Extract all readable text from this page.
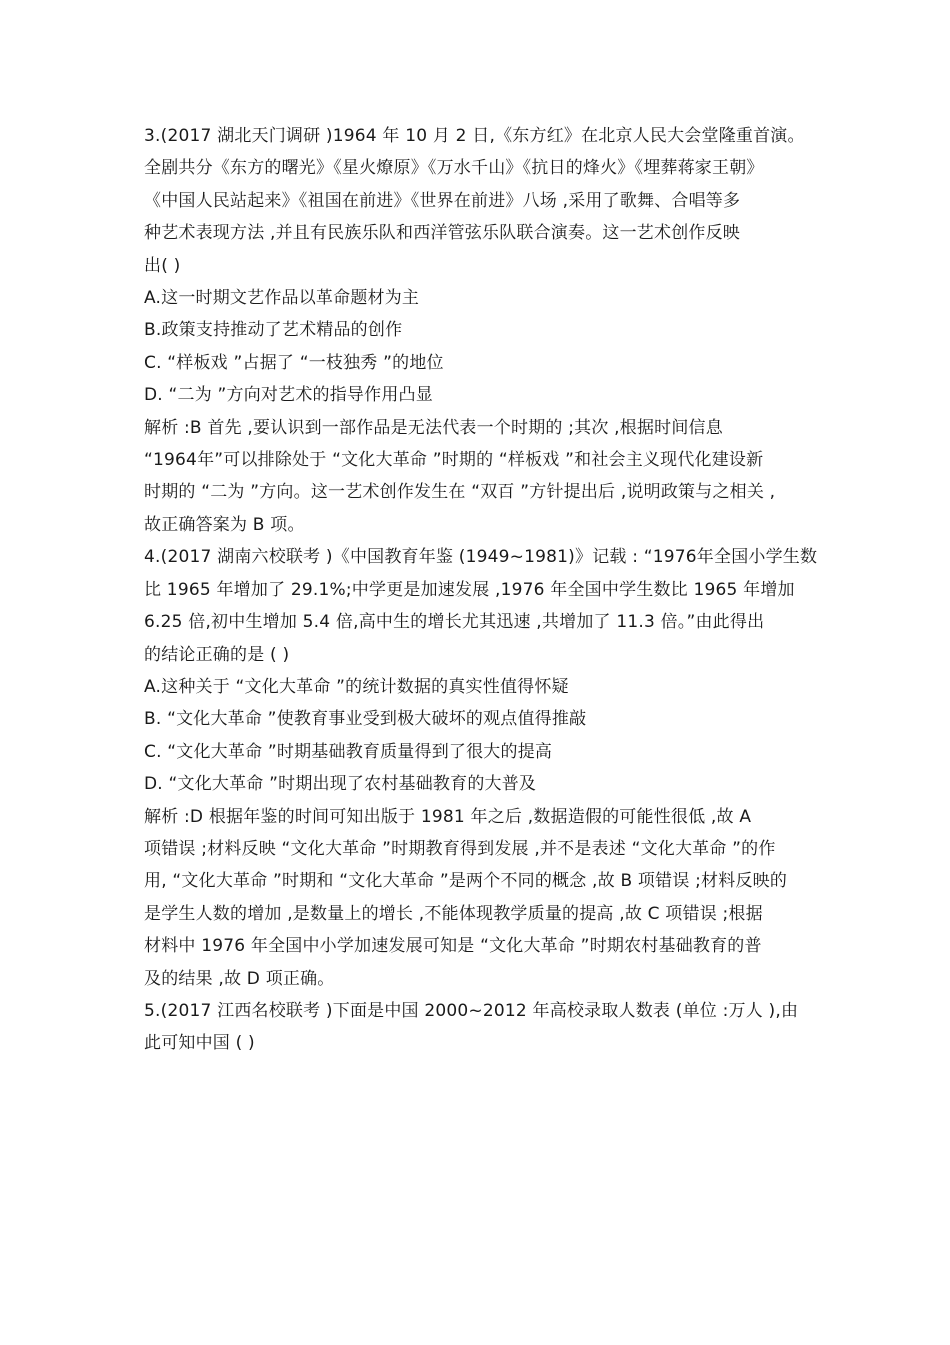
3.(2017 湖北天门调研 )1964 年 10 月 2 日,《东方红》在北京人民大会堂隆重首演。
全剧共分《东方的曙光》《星火燎原》《万水千山》《抗日的烽火》《埋葬蒋家王朝》
《中国人民站起来》《祖国在前进》《世界在前进》八场 ,采用了歌舞、合唱等多
种艺术表现方法 ,并且有民族乐队和西洋管弦乐队联合演奏。这一艺术创作反映
出( )
A.这一时期文艺作品以革命题材为主
B.政策支持推动了艺术精品的创作
C. “样板戏 ”占据了 “一枝独秀 ”的地位
D. “二为 ”方向对艺术的指导作用凸显
解析 :B 首先 ,要认识到一部作品是无法代表一个时期的 ;其次 ,根据时间信息
“1964年”可以排除处于 “文化大革命 ”时期的 “样板戏 ”和社会主义现代化建设新
时期的 “二为 ”方向。这一艺术创作发生在 “双百 ”方针提出后 ,说明政策与之相关 ,
故正确答案为 B 项。
4.(2017 湖南六校联考 )《中国教育年鉴 (1949~1981)》记载 : “1976年全国小学生数
比 1965 年增加了 29.1%;中学更是加速发展 ,1976 年全国中学生数比 1965 年增加
6.25 倍,初中生增加 5.4 倍,高中生的增长尤其迅速 ,共增加了 11.3 倍。”由此得出
的结论正确的是 ( )
A.这种关于 “文化大革命 ”的统计数据的真实性值得怀疑
B. “文化大革命 ”使教育事业受到极大破坏的观点值得推敲
C. “文化大革命 ”时期基础教育质量得到了很大的提高
D. “文化大革命 ”时期出现了农村基础教育的大普及
解析 :D 根据年鉴的时间可知出版于 1981 年之后 ,数据造假的可能性很低 ,故 A
项错误 ;材料反映 “文化大革命 ”时期教育得到发展 ,并不是表述 “文化大革命 ”的作
用, “文化大革命 ”时期和 “文化大革命 ”是两个不同的概念 ,故 B 项错误 ;材料反映的
是学生人数的增加 ,是数量上的增长 ,不能体现教学质量的提高 ,故 C 项错误 ;根据
材料中 1976 年全国中小学加速发展可知是 “文化大革命 ”时期农村基础教育的普
及的结果 ,故 D 项正确。
5.(2017 江西名校联考 )下面是中国 2000~2012 年高校录取人数表 (单位 :万人 ),由
此可知中国 ( )
